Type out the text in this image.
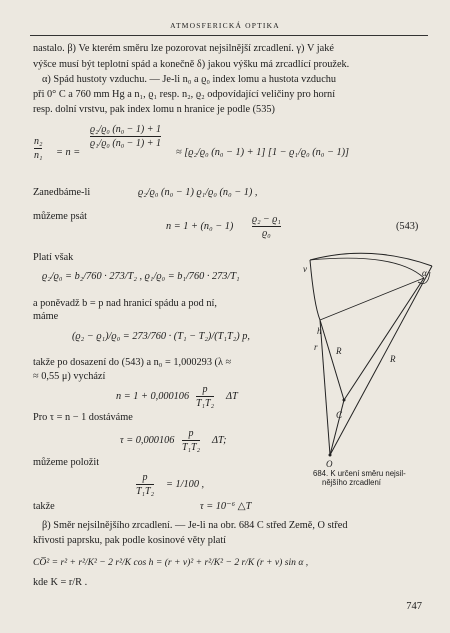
ATMOSFERICKÁ OPTIKA
nastalo. β) Ve kterém směru lze pozorovat nejsilnější zrcadlení. γ) V jaké
výšce musí být teplotní spád a konečně δ) jakou výšku má zrcadlící proužek.
α) Spád hustoty vzduchu. — Je-li n₀ a ϱ₀ index lomu a hustota vzduchu
při 0° C a 760 mm Hg a n₁, ϱ₁ resp. n₂, ϱ₂ odpovídající veličiny pro horní
resp. dolní vrstvu, pak index lomu n hranice je podle (535)
n₂
n₁ = n =
ϱ₂/ϱ₀ (n₀ − 1) + 1
ϱ₁/ϱ₀ (n₀ − 1) + 1
≈ [ϱ₂/ϱ₀ (n₀ − 1) + 1] [1 − ϱ₁/ϱ₀ (n₀ − 1)]
Zanedbáme-li	ϱ₂/ϱ₀ (n₀ − 1) ϱ₁/ϱ₀ (n₀ − 1) ,
můžeme psát
n = 1 + (n₀ − 1)
ϱ₂ − ϱ₁
ϱ₀
(543)
Platí však
ϱ₂/ϱ₀ = b₂/760 · 273/T₂ , ϱ₁/ϱ₀ = b₁/760 · 273/T₁
a poněvadž b = p nad hranicí spádu a pod ní,
máme
(ϱ₂ − ϱ₁)/ϱ₀ = 273/760 · (T₁ − T₂)/(T₁T₂) p,
takže po dosazení do (543) a n₀ = 1,000293 (λ ≈
≈ 0,55 μ) vychází
n = 1 + 0,000106
p
T₁T₂
ΔT
Pro τ = n − 1 dostáváme
τ = 0,000106
p
T₁T₂
ΔT;
můžeme položit
p
T₁T₂
= 1/100 ,
takže	τ = 10⁻⁶ △T
β) Směr nejsilnějšího zrcadlení. — Je-li na obr. 684 C střed Země, O střed
křivosti paprsku, pak podle kosinové věty platí
CO̅² = r² + r²/K² − 2 r²/K cos h = (r + v)² + r²/K² − 2 r/K (r + v) sin α ,
kde K = r/R .
v	α
h
r R
R
C
O
684. K určení směru nejsil-
nějšího zrcadlení
747
